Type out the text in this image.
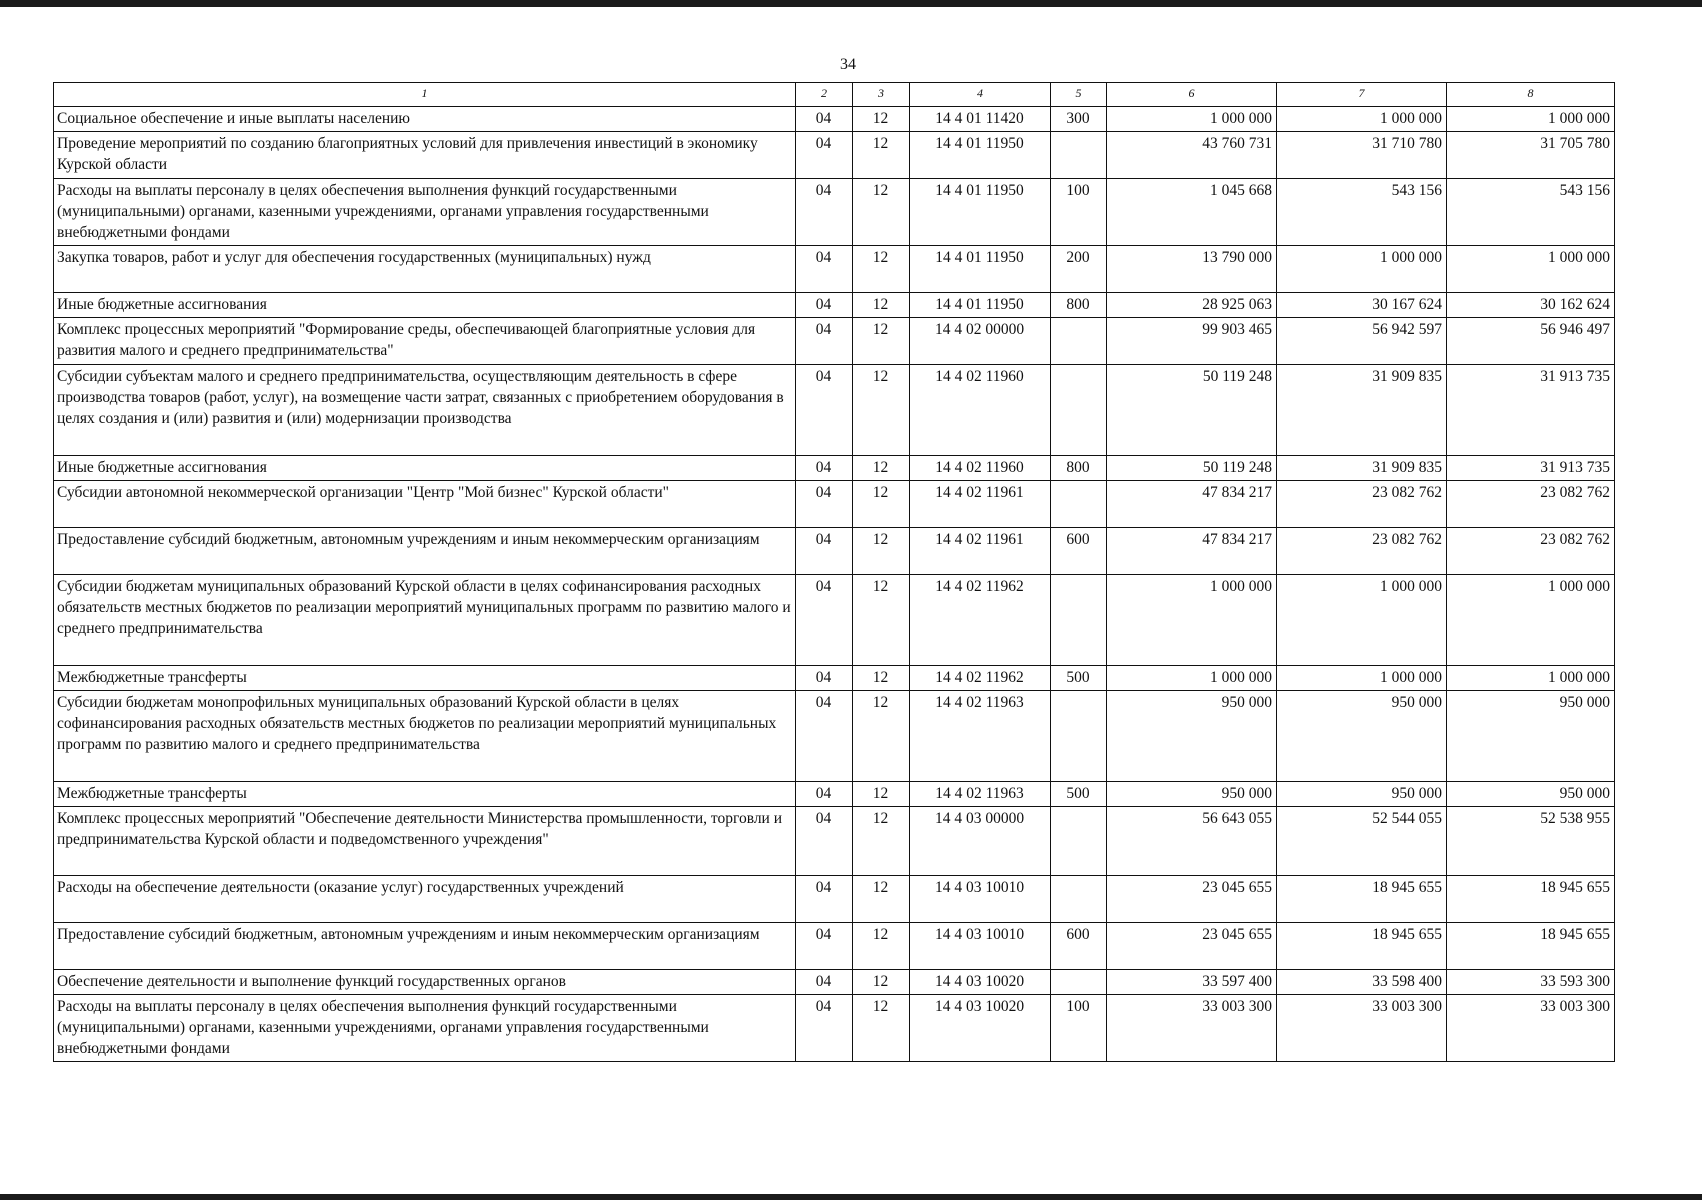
34
1	2	3	4	5	6	7	8
Социальное обеспечение и иные выплаты населению	04	12	14 4 01 11420	300	1 000 000	1 000 000	1 000 000
Проведение мероприятий по созданию благоприятных условий для привлечения инвестиций в экономику Курской области	04	12	14 4 01 11950		43 760 731	31 710 780	31 705 780
Расходы на выплаты персоналу в целях обеспечения выполнения функций государственными (муниципальными) органами, казенными учреждениями, органами управления государственными внебюджетными фондами	04	12	14 4 01 11950	100	1 045 668	543 156	543 156
Закупка товаров, работ и услуг для обеспечения государственных (муниципальных) нужд	04	12	14 4 01 11950	200	13 790 000	1 000 000	1 000 000
Иные бюджетные ассигнования	04	12	14 4 01 11950	800	28 925 063	30 167 624	30 162 624
Комплекс процессных мероприятий "Формирование среды, обеспечивающей благоприятные условия для развития малого и среднего предпринимательства"	04	12	14 4 02 00000		99 903 465	56 942 597	56 946 497
Субсидии субъектам малого и среднего предпринимательства, осуществляющим деятельность в сфере производства товаров (работ, услуг), на возмещение части затрат, связанных с приобретением оборудования в целях создания и (или) развития и (или) модернизации производства	04	12	14 4 02 11960		50 119 248	31 909 835	31 913 735
Иные бюджетные ассигнования	04	12	14 4 02 11960	800	50 119 248	31 909 835	31 913 735
Субсидии автономной некоммерческой организации "Центр "Мой бизнес" Курской области"	04	12	14 4 02 11961		47 834 217	23 082 762	23 082 762
Предоставление субсидий бюджетным, автономным учреждениям и иным некоммерческим организациям	04	12	14 4 02 11961	600	47 834 217	23 082 762	23 082 762
Субсидии бюджетам муниципальных образований Курской области в целях софинансирования расходных обязательств местных бюджетов по реализации мероприятий муниципальных программ по развитию малого и среднего предпринимательства	04	12	14 4 02 11962		1 000 000	1 000 000	1 000 000
Межбюджетные трансферты	04	12	14 4 02 11962	500	1 000 000	1 000 000	1 000 000
Субсидии бюджетам монопрофильных муниципальных образований Курской области в целях софинансирования расходных обязательств местных бюджетов по реализации мероприятий муниципальных программ по развитию малого и среднего предпринимательства	04	12	14 4 02 11963		950 000	950 000	950 000
Межбюджетные трансферты	04	12	14 4 02 11963	500	950 000	950 000	950 000
Комплекс процессных мероприятий "Обеспечение деятельности Министерства промышленности, торговли и предпринимательства Курской области и подведомственного учреждения"	04	12	14 4 03 00000		56 643 055	52 544 055	52 538 955
Расходы на обеспечение деятельности (оказание услуг) государственных учреждений	04	12	14 4 03 10010		23 045 655	18 945 655	18 945 655
Предоставление субсидий бюджетным, автономным учреждениям и иным некоммерческим организациям	04	12	14 4 03 10010	600	23 045 655	18 945 655	18 945 655
Обеспечение деятельности и выполнение функций государственных органов	04	12	14 4 03 10020		33 597 400	33 598 400	33 593 300
Расходы на выплаты персоналу в целях обеспечения выполнения функций государственными (муниципальными) органами, казенными учреждениями, органами управления государственными внебюджетными фондами	04	12	14 4 03 10020	100	33 003 300	33 003 300	33 003 300
